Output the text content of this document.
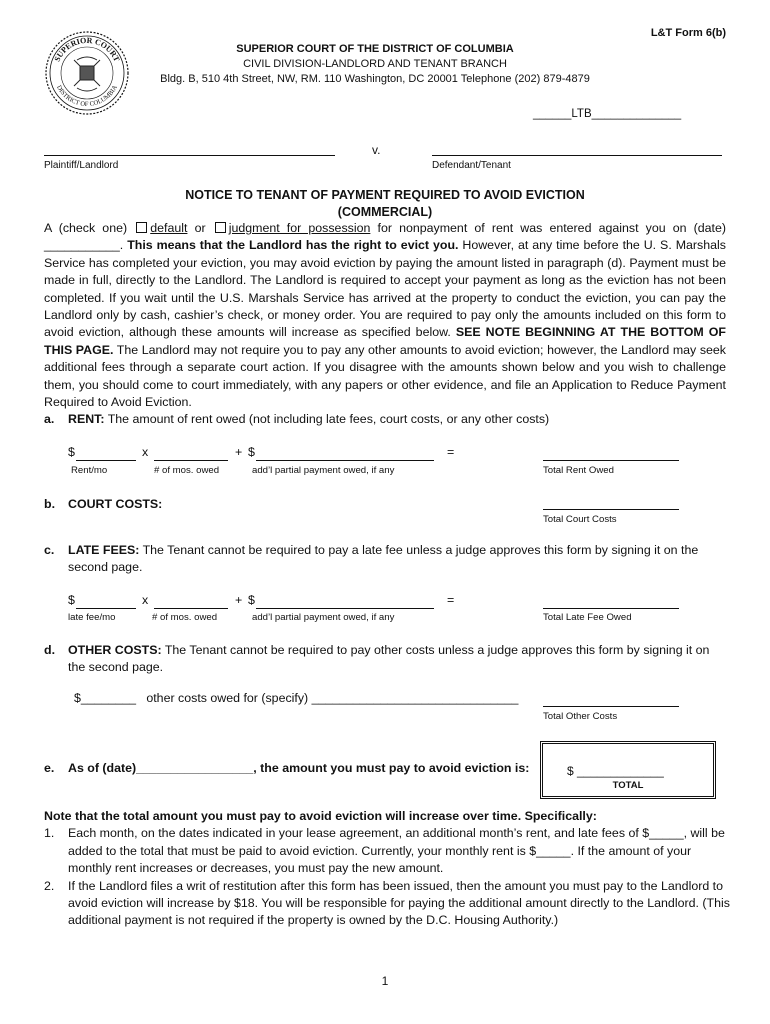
L&T Form 6(b)
SUPERIOR COURT
DISTRICT OF COLUMBIA
SUPERIOR COURT OF THE DISTRICT OF COLUMBIA
CIVIL DIVISION-LANDLORD AND TENANT BRANCH
Bldg. B, 510 4th Street, NW, RM. 110 Washington, DC 20001 Telephone (202) 879-4879
______LTB______________
Plaintiff/Landlord
v.
Defendant/Tenant
NOTICE TO TENANT OF PAYMENT REQUIRED TO AVOID EVICTION
(COMMERCIAL)
A (check one) default or judgment for possession for nonpayment of rent was entered against you on (date) ___________. This means that the Landlord has the right to evict you. However, at any time before the U. S. Marshals Service has completed your eviction, you may avoid eviction by paying the amount listed in paragraph (d). Payment must be made in full, directly to the Landlord. The Landlord is required to accept your payment as long as the eviction has not been completed. If you wait until the U.S. Marshals Service has arrived at the property to conduct the eviction, you can pay the Landlord only by cash, cashier’s check, or money order. You are required to pay only the amounts included on this form to avoid eviction, although these amounts will increase as specified below. SEE NOTE BEGINNING AT THE BOTTOM OF THIS PAGE. The Landlord may not require you to pay any other amounts to avoid eviction; however, the Landlord may seek additional fees through a separate court action. If you disagree with the amounts shown below and you wish to challenge them, you should come to court immediately, with any papers or other evidence, and file an Application to Reduce Payment Required to Avoid Eviction.
a. RENT: The amount of rent owed (not including late fees, court costs, or any other costs)
$	x	+ $	=
Rent/mo	# of mos. owed	add’l partial payment owed, if any	Total Rent Owed
b. COURT COSTS:
Total Court Costs
c.	LATE FEES: The Tenant cannot be required to pay a late fee unless a judge approves this form by signing it on the second page.
$	x	+ $	=
late fee/mo	# of mos. owed	add’l partial payment owed, if any	Total Late Fee Owed
d.	OTHER COSTS: The Tenant cannot be required to pay other costs unless a judge approves this form by signing it on the second page.
$________   other costs owed for (specify) ______________________________
Total Other Costs
e. As of (date)_________________, the amount you must pay to avoid eviction is:	$ _____________
TOTAL
Note that the total amount you must pay to avoid eviction will increase over time. Specifically:
1. Each month, on the dates indicated in your lease agreement, an additional month’s rent, and late fees of $_____, will be added to the total that must be paid to avoid eviction. Currently, your monthly rent is $_____. If the amount of your monthly rent increases or decreases, you must pay the new amount.
2. If the Landlord files a writ of restitution after this form has been issued, then the amount you must pay to the Landlord to avoid eviction will increase by $18. You will be responsible for paying the additional amount directly to the Landlord. (This additional payment is not required if the property is owned by the D.C. Housing Authority.)
1
